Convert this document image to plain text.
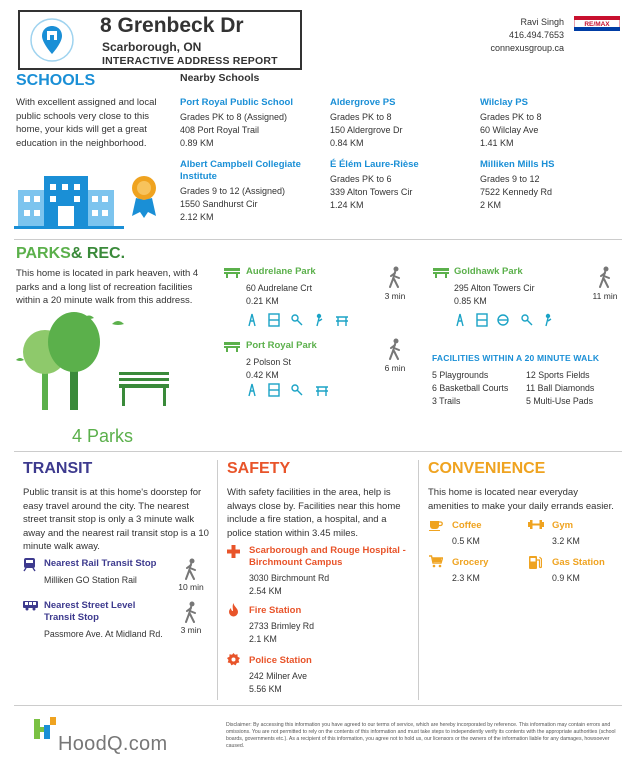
8 Grenbeck Dr
Scarborough, ON
INTERACTIVE ADDRESS REPORT
Ravi Singh
416.494.7653
connexusgroup.ca
RE/MAX
SCHOOLS	Nearby Schools
With excellent assigned and local public schools very close to this home, your kids will get a great education in the neighborhood.
Port Royal Public School
Grades PK to 8 (Assigned)
408 Port Royal Trail
0.89 KM
Aldergrove PS
Grades PK to 8
150 Aldergrove Dr
0.84 KM
Wilclay PS
Grades PK to 8
60 Wilclay Ave
1.41 KM
Albert Campbell Collegiate Institute
Grades 9 to 12 (Assigned)
1550 Sandhurst Cir
2.12 KM
É Élém Laure-Rièse
Grades PK to 6
339 Alton Towers Cir
1.24 KM
Milliken Mills HS
Grades 9 to 12
7522 Kennedy Rd
2 KM
PARKS& REC.
This home is located in park heaven, with 4 parks and a long list of recreation facilities within a 20 minute walk from this address.
4 Parks
Audrelane Park
60 Audrelane Crt
0.21 KM	3 min
Goldhawk Park
295 Alton Towers Cir
0.85 KM	11 min
Port Royal Park
2 Polson St
0.42 KM
6 min
FACILITIES WITHIN A 20 MINUTE WALK
5 Playgrounds	12 Sports Fields
6 Basketball Courts 11 Ball Diamonds
3 Trails	5 Multi-Use Pads
TRANSIT
Public transit is at this home's doorstep for easy travel around the city. The nearest street transit stop is only a 3 minute walk away and the nearest rail transit stop is a 10 minute walk away.
Nearest Rail Transit Stop
Milliken GO Station Rail
10 min
Nearest Street Level Transit Stop
Passmore Ave. At Midland Rd.	3 min
SAFETY
With safety facilities in the area, help is always close by. Facilities near this home include a fire station, a hospital, and a police station within 3.45 miles.
Scarborough and Rouge Hospital - Birchmount Campus
3030 Birchmount Rd
2.54 KM
Fire Station
2733 Brimley Rd
2.1 KM
Police Station
242 Milner Ave
5.56 KM
CONVENIENCE
This home is located near everyday amenities to make your daily errands easier.
Coffee
0.5 KM
Gym
3.2 KM
Grocery
2.3 KM
Gas Station
0.9 KM
HoodQ.com
Disclaimer: By accessing this information you have agreed to our terms of service, which are hereby incorporated by reference. This information may contain errors and omissions. You are not permitted to rely on the contents of this information and must take steps to independently verify its contents with the appropriate authorities (school boards, governments etc.). As a recipient of this information, you agree not to hold us, our licensors or the owners of the information liable for any damages, howsoever caused.
